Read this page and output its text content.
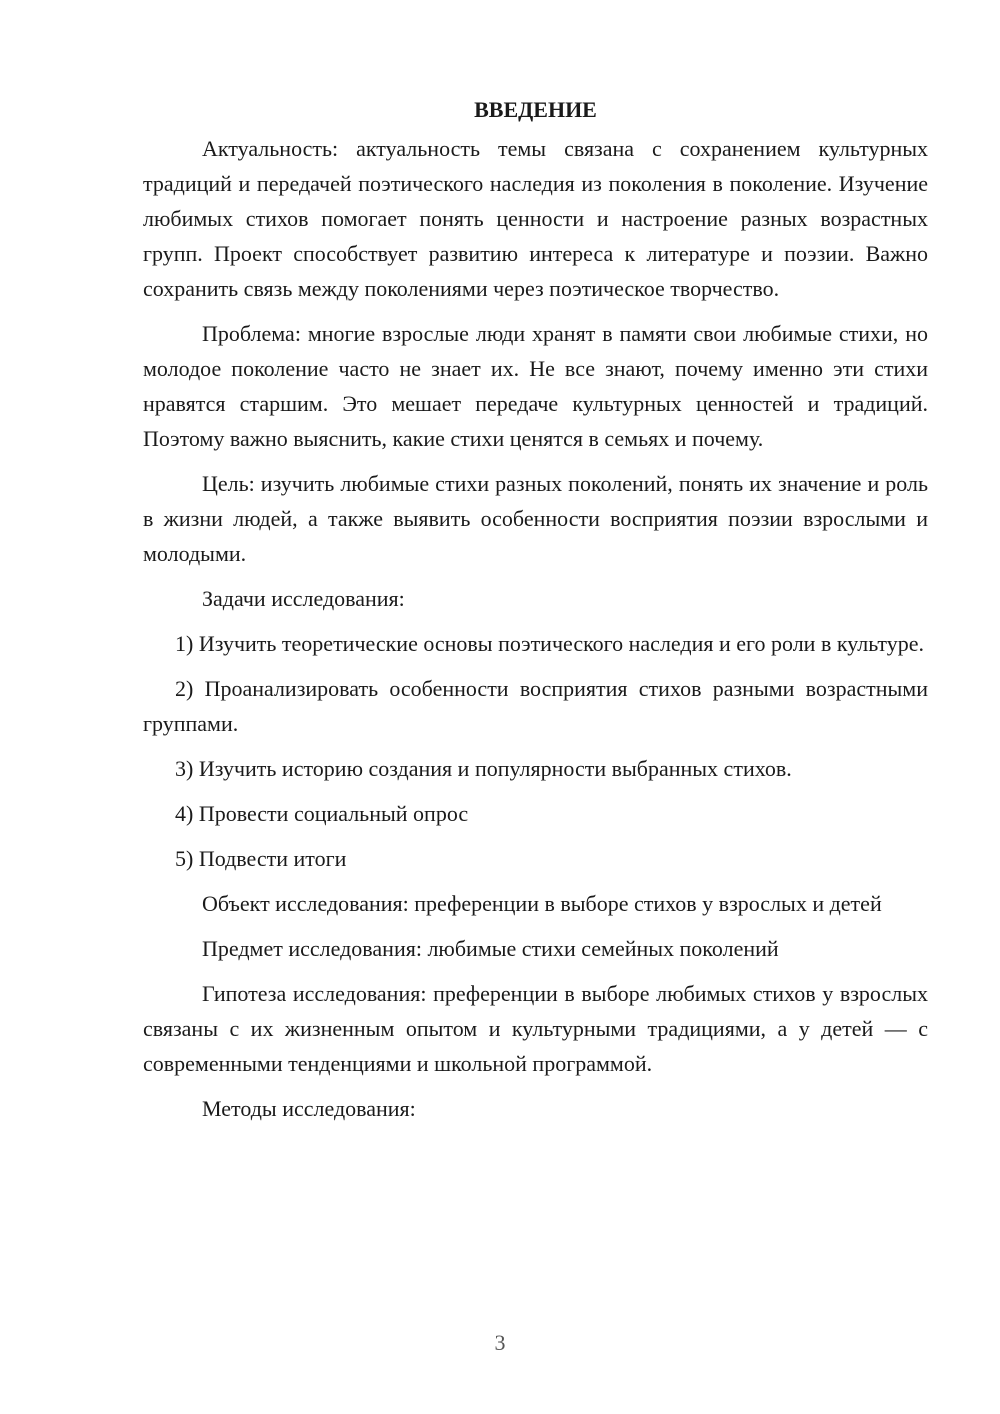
ВВЕДЕНИЕ

Актуальность: актуальность темы связана с сохранением культурных традиций и передачей поэтического наследия из поколения в поколение. Изучение любимых стихов помогает понять ценности и настроение разных возрастных групп. Проект способствует развитию интереса к литературе и поэзии. Важно сохранить связь между поколениями через поэтическое творчество.

Проблема: многие взрослые люди хранят в памяти свои любимые стихи, но молодое поколение часто не знает их. Не все знают, почему именно эти стихи нравятся старшим. Это мешает передаче культурных ценностей и традиций. Поэтому важно выяснить, какие стихи ценятся в семьях и почему.

Цель: изучить любимые стихи разных поколений, понять их значение и роль в жизни людей, а также выявить особенности восприятия поэзии взрослыми и молодыми.

Задачи исследования:

1) Изучить теоретические основы поэтического наследия и его роли в культуре.

2) Проанализировать особенности восприятия стихов разными возрастными группами.

3) Изучить историю создания и популярности выбранных стихов.

4) Провести социальный опрос

5) Подвести итоги

Объект исследования: преференции в выборе стихов у взрослых и детей

Предмет исследования: любимые стихи семейных поколений

Гипотеза исследования: преференции в выборе любимых стихов у взрослых связаны с их жизненным опытом и культурными традициями, а у детей — с современными тенденциями и школьной программой.

Методы исследования:

3
